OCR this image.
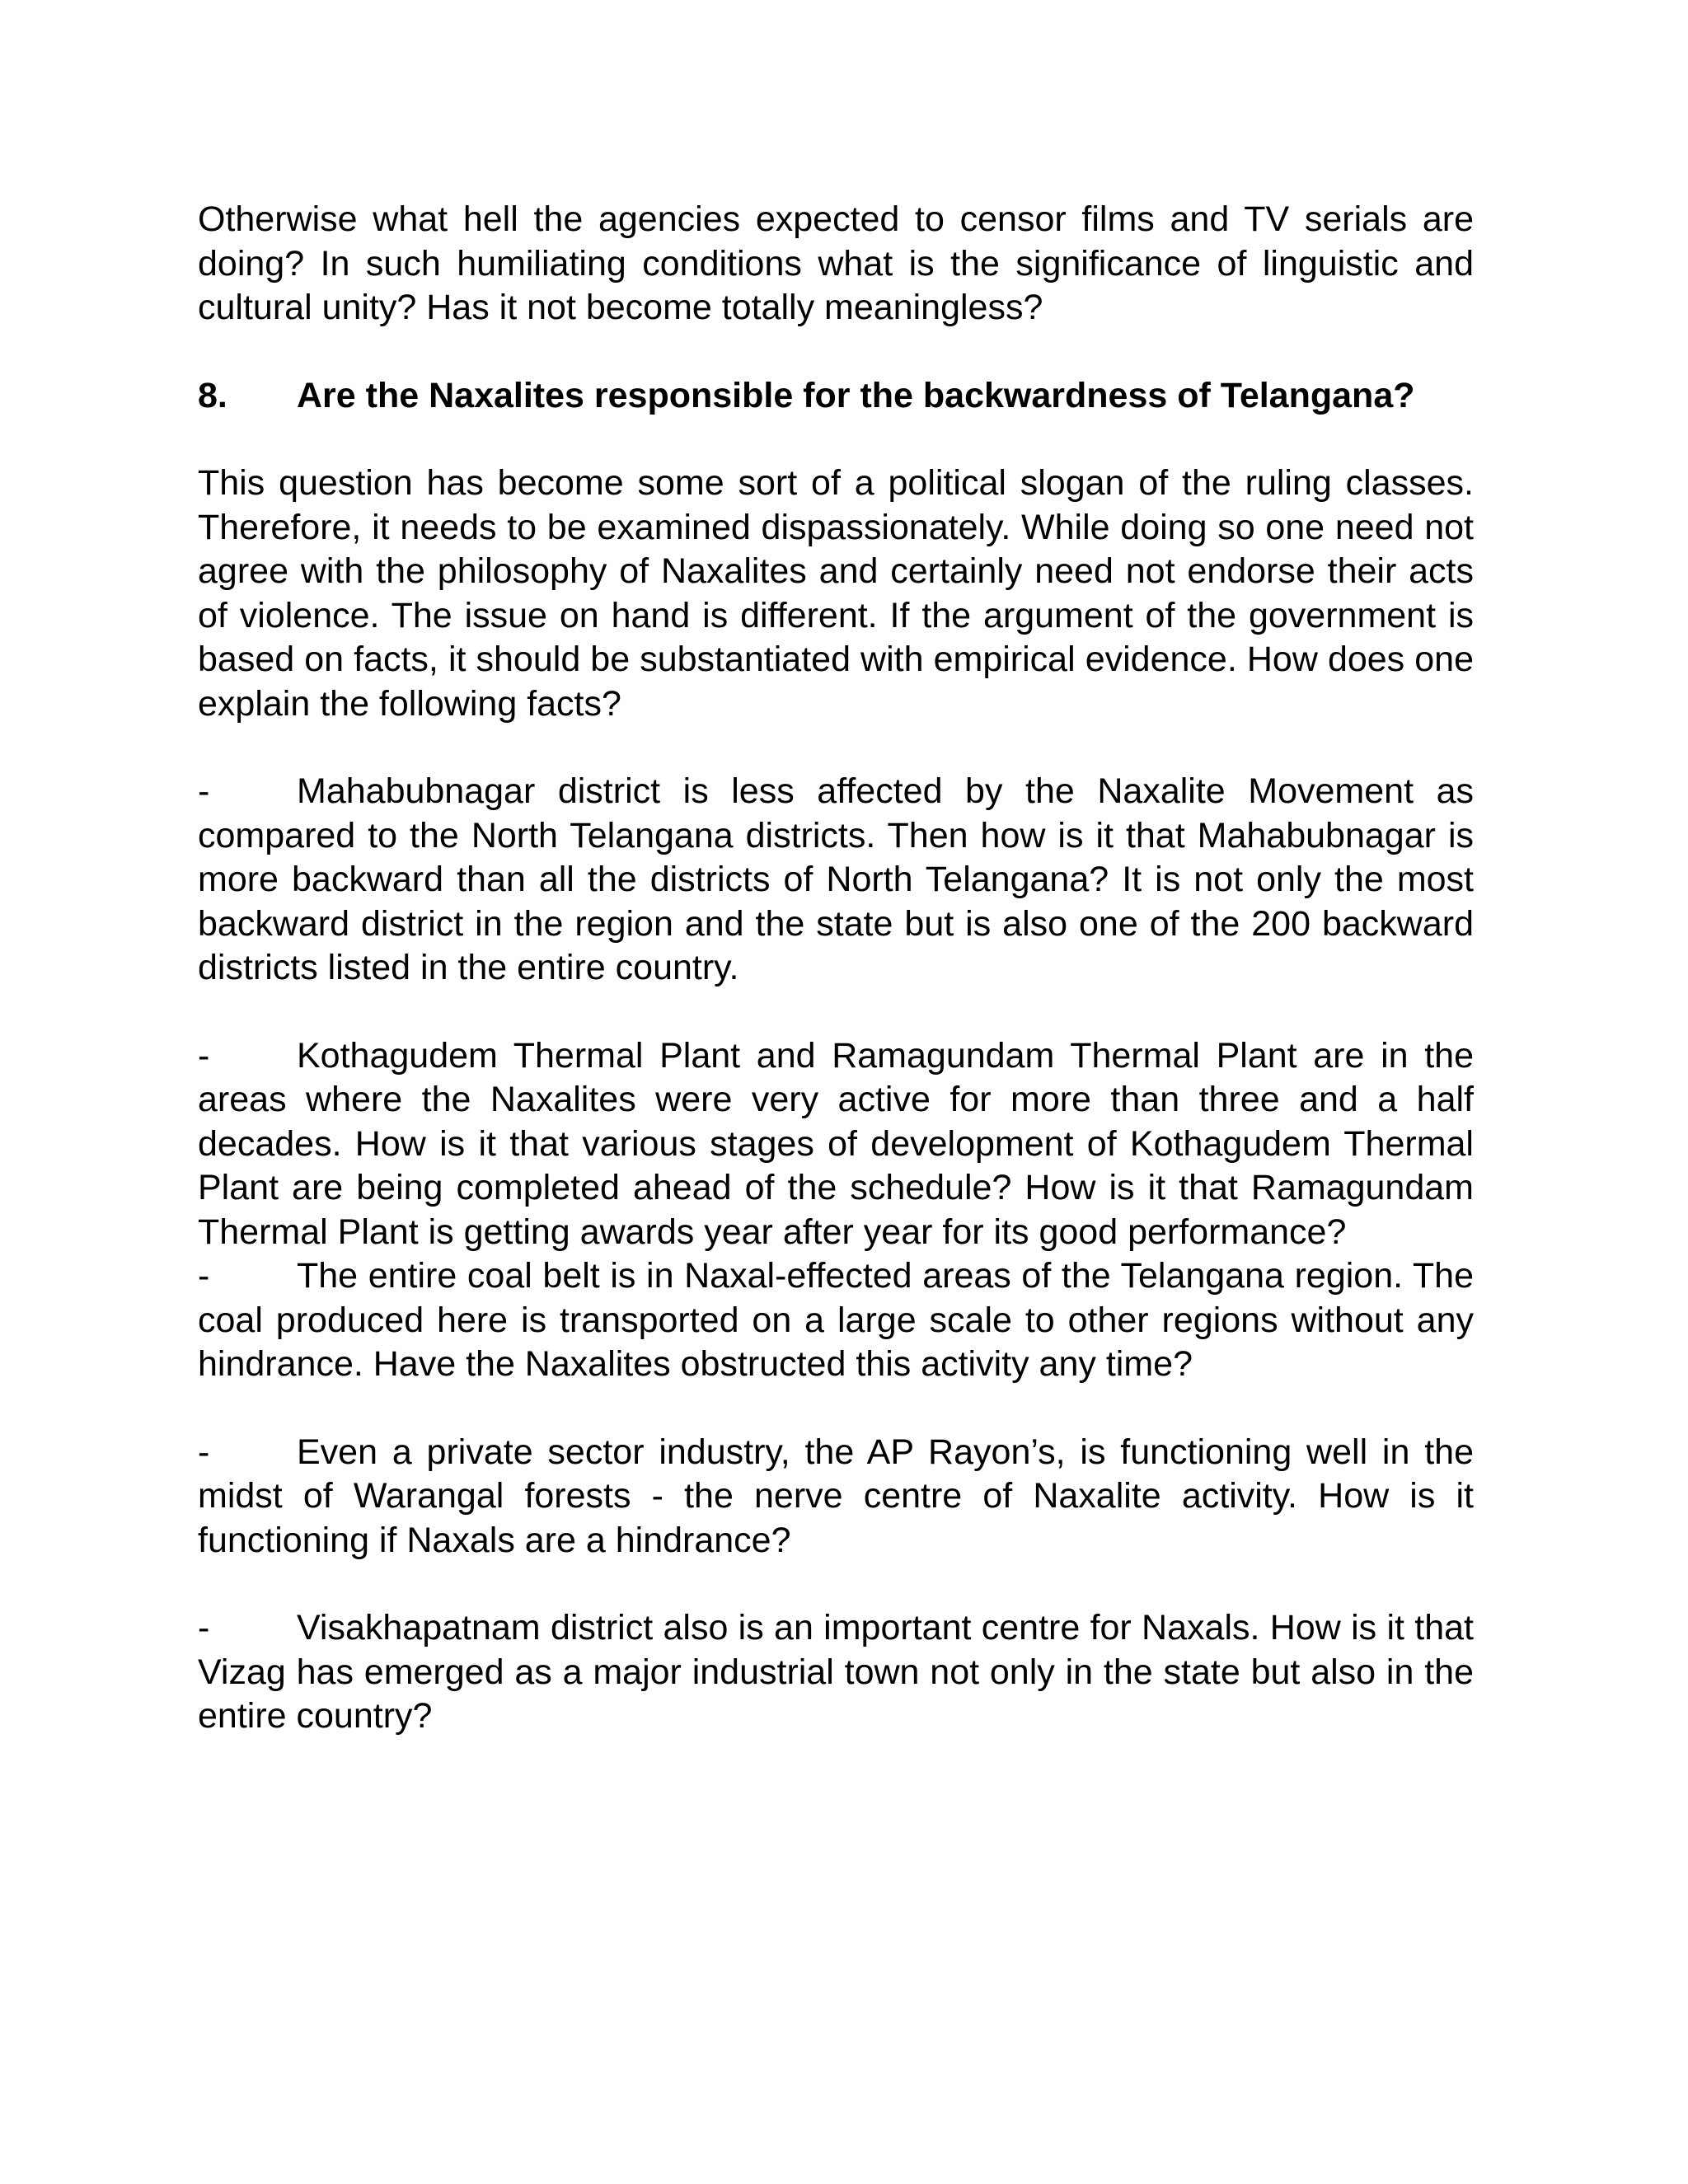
Otherwise what hell the agencies expected to censor films and TV serials are doing? In such humiliating conditions what is the significance of linguistic and cultural unity? Has it not become totally meaningless?

8.	Are the Naxalites responsible for the backwardness of Telangana?

This question has become some sort of a political slogan of the ruling classes. Therefore, it needs to be examined dispassionately. While doing so one need not agree with the philosophy of Naxalites and certainly need not endorse their acts of violence. The issue on hand is different. If the argument of the government is based on facts, it should be substantiated with empirical evidence. How does one explain the following facts?

- Mahabubnagar district is less affected by the Naxalite Movement as compared to the North Telangana districts. Then how is it that Mahabubnagar is more backward than all the districts of North Telangana? It is not only the most backward district in the region and the state but is also one of the 200 backward districts listed in the entire country.

- Kothagudem Thermal Plant and Ramagundam Thermal Plant are in the areas where the Naxalites were very active for more than three and a half decades. How is it that various stages of development of Kothagudem Thermal Plant are being completed ahead of the schedule? How is it that Ramagundam Thermal Plant is getting awards year after year for its good performance?

- The entire coal belt is in Naxal-effected areas of the Telangana region. The coal produced here is transported on a large scale to other regions without any hindrance. Have the Naxalites obstructed this activity any time?

- Even a private sector industry, the AP Rayon’s, is functioning well in the midst of Warangal forests - the nerve centre of Naxalite activity. How is it functioning if Naxals are a hindrance?

- Visakhapatnam district also is an important centre for Naxals. How is it that Vizag has emerged as a major industrial town not only in the state but also in the entire country?
